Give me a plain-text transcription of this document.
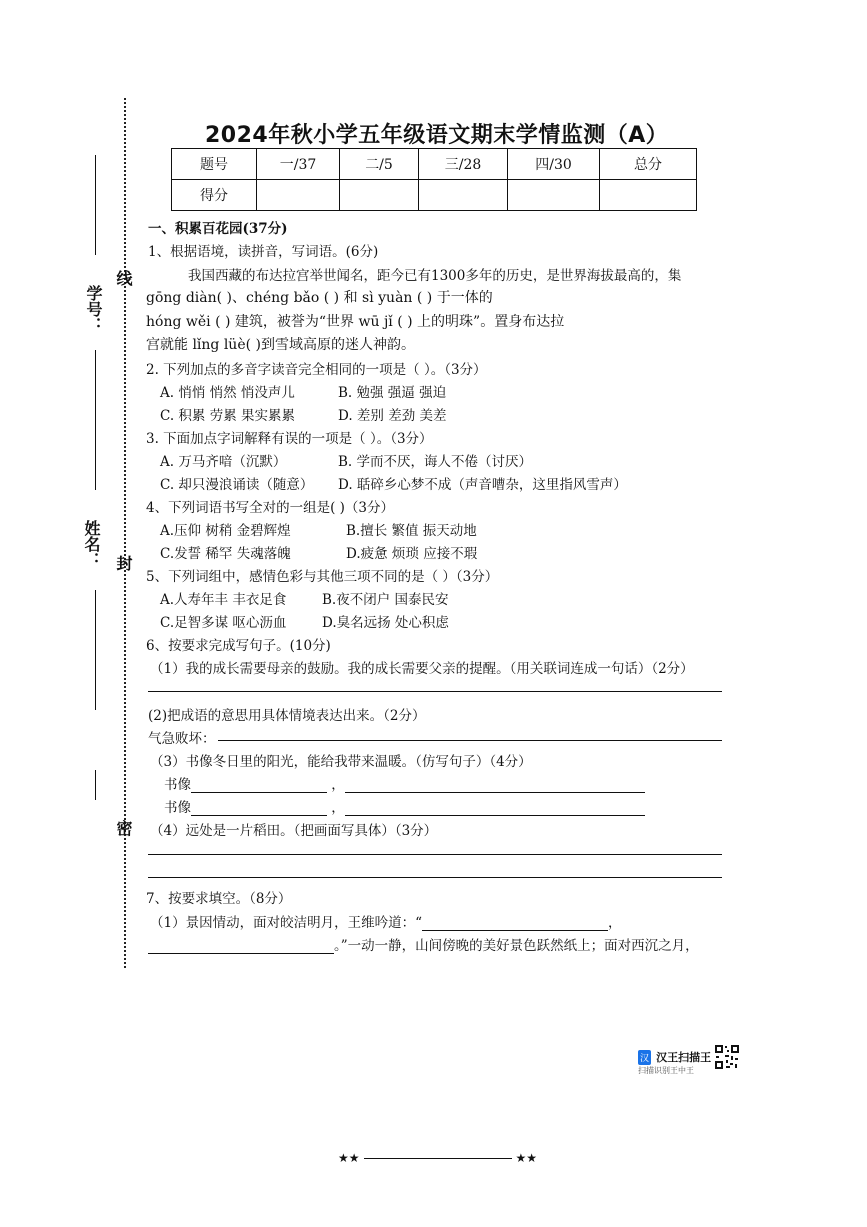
线
封
密
学号：
姓名：
2024年秋小学五年级语文期末学情监测（A）
题号	一/37	二/5	三/28	四/30	总分
得分					
一、积累百花园(37分)
1、根据语境，读拼音，写词语。(6分)
我国西藏的布达拉宫举世闻名，距今已有1300多年的历史，是世界海拔最高的，集
gōng diàn( )、chéng bǎo ( ) 和 sì yuàn ( ) 于一体的
hóng wěi ( ) 建筑，被誉为“世界 wū jǐ ( ) 上的明珠”。置身布达拉
宫就能 lǐng lüè( )到雪域高原的迷人神韵。
2. 下列加点的多音字读音完全相同的一项是（ ）。（3分）
A. 悄悄 悄然 悄没声儿	B. 勉强 强逼 强迫
C. 积累 劳累 果实累累	D. 差别 差劲 美差
3. 下面加点字词解释有误的一项是（ ）。（3分）
A. 万马齐喑（沉默）	B. 学而不厌，诲人不倦（讨厌）
C. 却只漫浪诵读（随意） D. 聒碎乡心梦不成（声音嘈杂，这里指风雪声）
4、下列词语书写全对的一组是( )（3分）
A.压仰 树稍 金碧辉煌	B.擅长 繁值 振天动地
C.发誓 稀罕 失魂落魄	D.疲惫 烦琐 应接不瑕
5、下列词组中，感情色彩与其他三项不同的是（ ）（3分）
A.人寿年丰 丰衣足食	B.夜不闭户 国泰民安
C.足智多谋 呕心沥血	D.臭名远扬 处心积虑
6、按要求完成写句子。(10分)
（1）我的成长需要母亲的鼓励。我的成长需要父亲的提醒。（用关联词连成一句话）（2分）
(2)把成语的意思用具体情境表达出来。（2分）
气急败坏：
（3）书像冬日里的阳光，能给我带来温暖。（仿写句子）（4分）
书像	，
书像	，
（4）远处是一片稻田。（把画面写具体）（3分）
7、按要求填空。（8分）
（1）景因情动，面对皎洁明月，王维吟道：“	，
。”一动一静，山间傍晚的美好景色跃然纸上；面对西沉之月，
汉 汉王扫描王
扫描识别王中王
★★	★★
